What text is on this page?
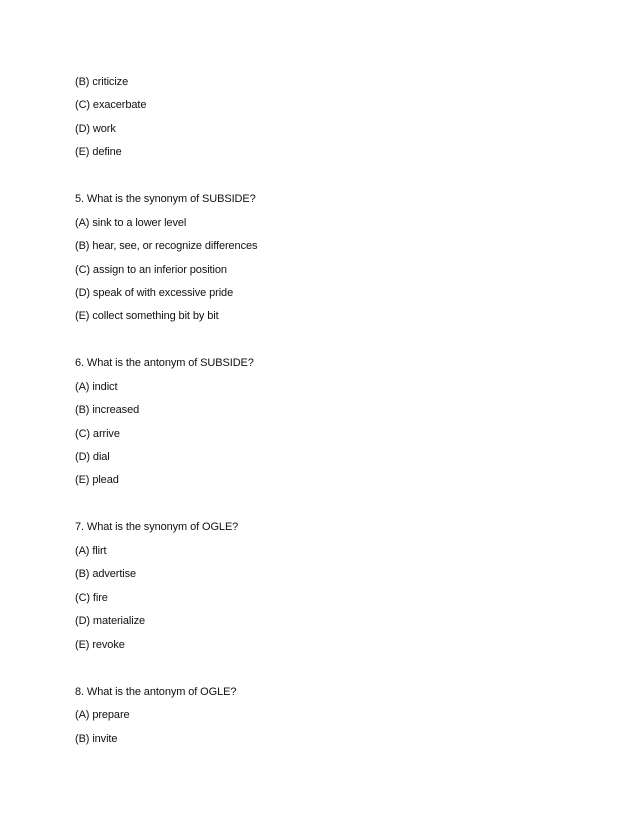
(B) criticize
(C) exacerbate
(D) work
(E) define
5. What is the synonym of SUBSIDE?
(A) sink to a lower level
(B) hear, see, or recognize differences
(C) assign to an inferior position
(D) speak of with excessive pride
(E) collect something bit by bit
6. What is the antonym of SUBSIDE?
(A) indict
(B) increased
(C) arrive
(D) dial
(E) plead
7. What is the synonym of OGLE?
(A) flirt
(B) advertise
(C) fire
(D) materialize
(E) revoke
8. What is the antonym of OGLE?
(A) prepare
(B) invite
